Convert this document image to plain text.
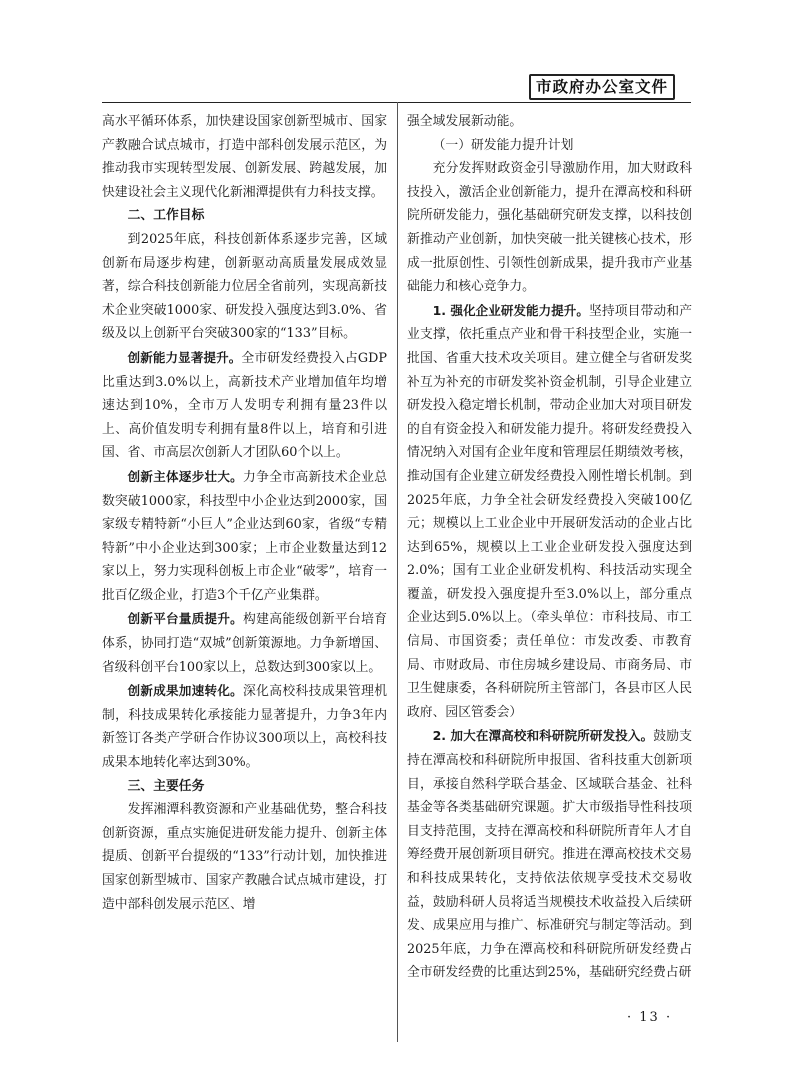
市政府办公室文件

高水平循环体系，加快建设国家创新型城市、国家产教融合试点城市，打造中部科创发展示范区，为推动我市实现转型发展、创新发展、跨越发展，加快建设社会主义现代化新湘潭提供有力科技支撑。

二、工作目标

到2025年底，科技创新体系逐步完善，区域创新布局逐步构建，创新驱动高质量发展成效显著，综合科技创新能力位居全省前列，实现高新技术企业突破1000家、研发投入强度达到3.0%、省级及以上创新平台突破300家的“133”目标。

创新能力显著提升。全市研发经费投入占GDP比重达到3.0%以上，高新技术产业增加值年均增速达到10%，全市万人发明专利拥有量23件以上、高价值发明专利拥有量8件以上，培育和引进国、省、市高层次创新人才团队60个以上。

创新主体逐步壮大。力争全市高新技术企业总数突破1000家，科技型中小企业达到2000家，国家级专精特新“小巨人”企业达到60家，省级“专精特新”中小企业达到300家；上市企业数量达到12家以上，努力实现科创板上市企业“破零”，培育一批百亿级企业，打造3个千亿产业集群。

创新平台量质提升。构建高能级创新平台培育体系，协同打造“双城”创新策源地。力争新增国、省级科创平台100家以上，总数达到300家以上。

创新成果加速转化。深化高校科技成果管理机制，科技成果转化承接能力显著提升，力争3年内新签订各类产学研合作协议300项以上，高校科技成果本地转化率达到30%。

三、主要任务

发挥湘潭科教资源和产业基础优势，整合科技创新资源，重点实施促进研发能力提升、创新主体提质、创新平台提级的“133”行动计划，加快推进国家创新型城市、国家产教融合试点城市建设，打造中部科创发展示范区、增

强全域发展新动能。

（一）研发能力提升计划

充分发挥财政资金引导激励作用，加大财政科技投入，激活企业创新能力，提升在潭高校和科研院所研发能力，强化基础研究研发支撑，以科技创新推动产业创新，加快突破一批关键核心技术，形成一批原创性、引领性创新成果，提升我市产业基础能力和核心竞争力。

1. 强化企业研发能力提升。坚持项目带动和产业支撑，依托重点产业和骨干科技型企业，实施一批国、省重大技术攻关项目。建立健全与省研发奖补互为补充的市研发奖补资金机制，引导企业建立研发投入稳定增长机制，带动企业加大对项目研发的自有资金投入和研发能力提升。将研发经费投入情况纳入对国有企业年度和管理层任期绩效考核，推动国有企业建立研发经费投入刚性增长机制。到2025年底，力争全社会研发经费投入突破100亿元；规模以上工业企业中开展研发活动的企业占比达到65%，规模以上工业企业研发投入强度达到2.0%；国有工业企业研发机构、科技活动实现全覆盖，研发投入强度提升至3.0%以上，部分重点企业达到5.0%以上。（牵头单位：市科技局、市工信局、市国资委；责任单位：市发改委、市教育局、市财政局、市住房城乡建设局、市商务局、市卫生健康委，各科研院所主管部门，各县市区人民政府、园区管委会）

2. 加大在潭高校和科研院所研发投入。鼓励支持在潭高校和科研院所申报国、省科技重大创新项目，承接自然科学联合基金、区域联合基金、社科基金等各类基础研究课题。扩大市级指导性科技项目支持范围，支持在潭高校和科研院所青年人才自筹经费开展创新项目研究。推进在潭高校技术交易和科技成果转化，支持依法依规享受技术交易收益，鼓励科研人员将适当规模技术收益投入后续研发、成果应用与推广、标准研究与制定等活动。到2025年底，力争在潭高校和科研院所研发经费占全市研发经费的比重达到25%，基础研究经费占研

· 13 ·
